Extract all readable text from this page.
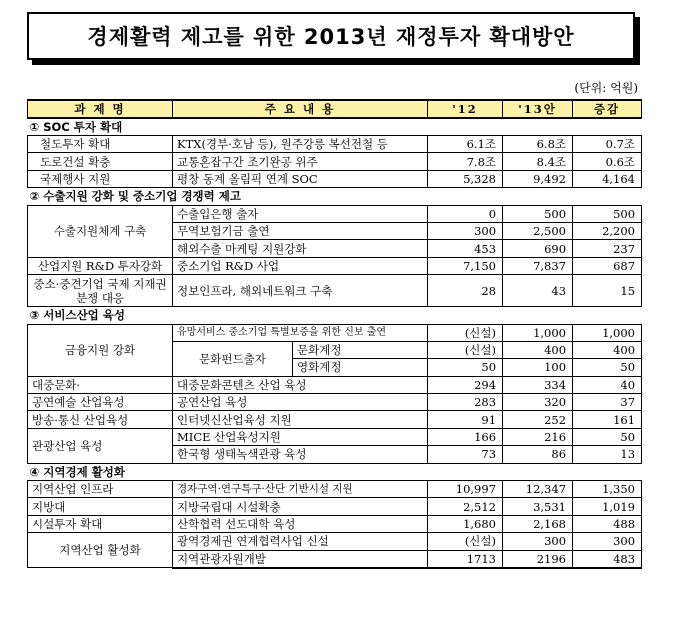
경제활력 제고를 위한 2013년 재정투자 확대방안
(단위: 억원)
과 제 명	주 요 내 용		'12	'13안	증감
① SOC 투자 확대					
철도투자 확대	KTX(경부·호남 등), 원주강릉 복선전철 등		6.1조	6.8조	0.7조
도로건설 확충	교통혼잡구간 조기완공 위주		7.8조	8.4조	0.6조
국제행사 지원	평창 동계 올림픽 연계 SOC		5,328	9,492	4,164
② 수출지원 강화 및 중소기업 경쟁력 제고					
수출지원체계 구축	수출입은행 출자		0	500	500
	무역보험기금 출연		300	2,500	2,200
	해외수출 마케팅 지원강화		453	690	237
산업지원 R&D 투자강화	중소기업 R&D 사업		7,150	7,837	687
중소·중견기업 국제 지재권 분쟁 대응	정보인프라, 해외네트워크 구축		28	43	15
③ 서비스산업 육성					
금융지원 강화	유망서비스 중소기업 특별보증을 위한 신보 출연		(신설)	1,000	1,000
	문화펀드출자	문화계정	(신설)	400	400
		영화계정	50	100	50
대중문화·	대중문화콘텐츠 산업 육성		294	334	40
공연예술 산업육성	공연산업 육성		283	320	37
방송·통신 산업육성	인터넷신산업육성 지원		91	252	161
관광산업 육성	MICE 산업육성지원		166	216	50
	한국형 생태녹색관광 육성		73	86	13
④ 지역경제 활성화					
지역산업 인프라	경자구역·연구특구·산단 기반시설 지원		10,997	12,347	1,350
지방대	지방국립대 시설확충		2,512	3,531	1,019
시설투자 확대	산학협력 선도대학 육성		1,680	2,168	488
지역산업 활성화	광역경제권 연계협력사업 신설		(신설)	300	300
	지역관광자원개발		1713	2196	483
